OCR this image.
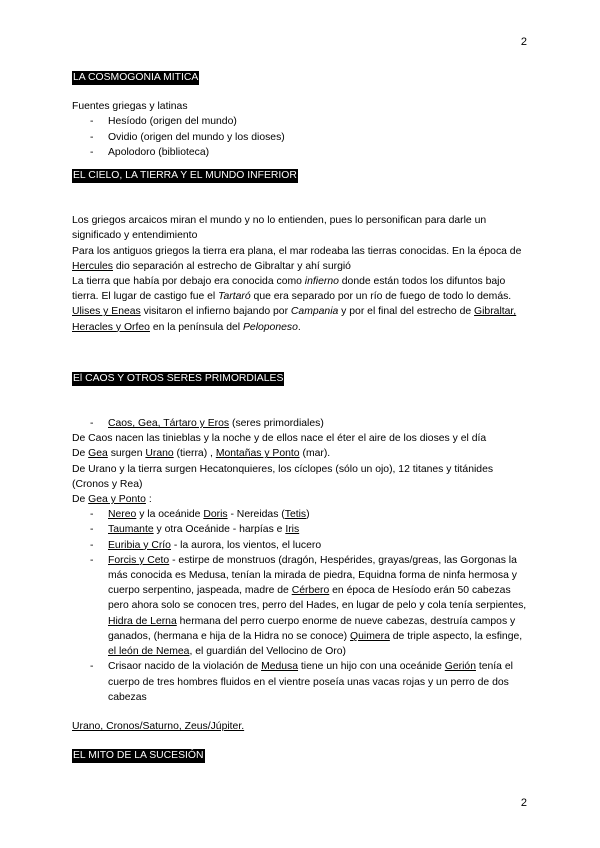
2
LA COSMOGONIA MITICA

Fuentes griegas y latinas

- Hesíodo (origen del mundo)
- Ovidio (origen del mundo y los dioses)
- Apolodoro (biblioteca)
EL CIELO, LA TIERRA Y EL MUNDO INFERIOR

Los griegos arcaicos miran el mundo y no lo entienden, pues lo personifican para darle un significado y entendimiento

Para los antiguos griegos la tierra era plana, el mar rodeaba las tierras conocidas. En la época de Hercules dio separación al estrecho de Gibraltar y ahí surgió

La tierra que había por debajo era conocida como infierno donde están todos los difuntos bajo tierra. El lugar de castigo fue el Tartaró que era separado por un río de fuego de todo lo demás.

Ulises y Eneas visitaron el infierno bajando por Campania y por el final del estrecho de Gibraltar, Heracles y Orfeo en la península del Peloponeso.

El CAOS Y OTROS SERES PRIMORDIALES
- Caos, Gea, Tártaro y Eros (seres primordiales)

De Caos nacen las tinieblas y la noche y de ellos nace el éter el aire de los dioses y el día

De Gea surgen Urano (tierra) , Montañas y Ponto (mar).

De Urano y la tierra surgen Hecatonquieres, los cíclopes (sólo un ojo), 12 titanes y titánides (Cronos y Rea)

De Gea y Ponto :

- Nereo y la oceánide Doris - Nereidas (Tetis)
- Taumante y otra Oceánide - harpías e Iris
- Euribia y Crío - la aurora, los vientos, el lucero
- Forcis y Ceto - estirpe de monstruos (dragón, Hespérides, grayas/greas, las Gorgonas la más conocida es Medusa, tenían la mirada de piedra, Equidna forma de ninfa hermosa y cuerpo serpentino, jaspeada, madre de Cérbero en época de Hesíodo erán 50 cabezas pero ahora solo se conocen tres, perro del Hades, en lugar de pelo y cola tenía serpientes, Hidra de Lerna hermana del perro cuerpo enorme de nueve cabezas, destruía campos y ganados, (hermana e hija de la Hidra no se conoce) Quimera de triple aspecto, la esfinge, el león de Nemea, el guardián del Vellocino de Oro)
- Crisaor nacido de la violación de Medusa tiene un hijo con una oceánide Gerión tenía el cuerpo de tres hombres fluidos en el vientre poseía unas vacas rojas y un perro de dos cabezas

Urano, Cronos/Saturno, Zeus/Júpiter.

EL MITO DE LA SUCESIÓN
2
